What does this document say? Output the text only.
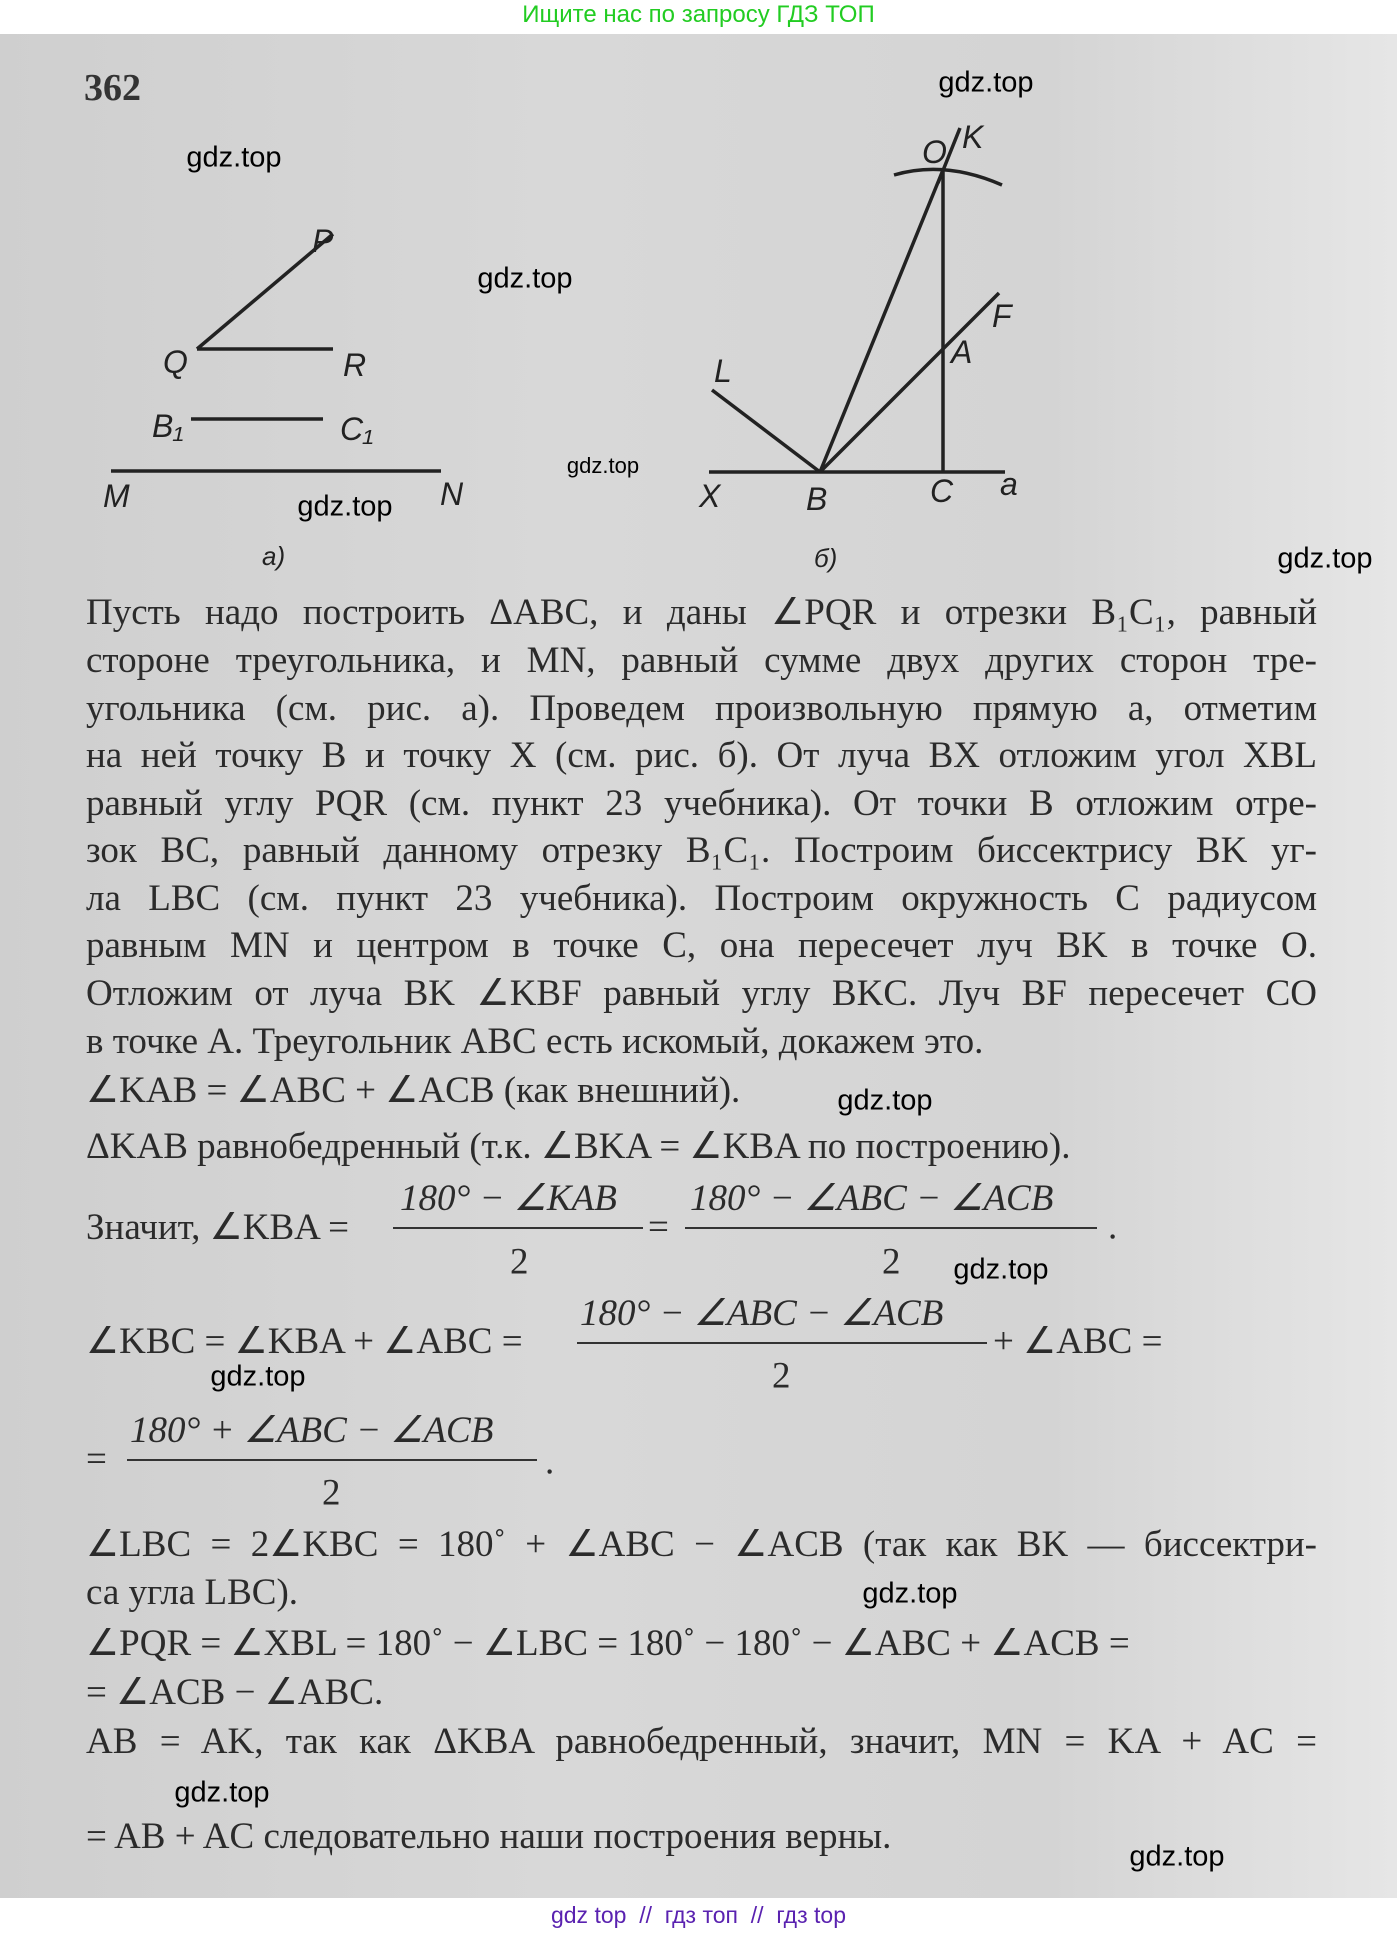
Ищите нас по запросу ГДЗ ТОП
362
P
Q	R
B₁	C₁
M	N
а)
O K
F
A
L
X	B	C a
б)
Пусть надо построить ΔABC, и даны ∠PQR и отрезки B₁C₁, равный
стороне треугольника, и MN, равный сумме двух других сторон тре-
угольника (см. рис. а). Проведем произвольную прямую a, отметим
на ней точку B и точку X (см. рис. б). От луча BX отложим угол XBL
равный углу PQR (см. пункт 23 учебника). От точки B отложим отре-
зок BC, равный данному отрезку B₁C₁. Построим биссектрису BK уг-
ла LBC (см. пункт 23 учебника). Построим окружность C радиусом
равным MN и центром в точке C, она пересечет луч BK в точке O.
Отложим от луча BK ∠KBF равный углу BKC. Луч BF пересечет CO
в точке A. Треугольник ABC есть искомый, докажем это.
∠KAB = ∠ABC + ∠ACB (как внешний).
ΔKAB равнобедренный (т.к. ∠BKA = ∠KBA по построению).
Значит, ∠KBA =
180° − ∠KAB
2
=
180° − ∠ABC − ∠ACB
2
.
∠KBC = ∠KBA + ∠ABC =
180° − ∠ABC − ∠ACB
2
+ ∠ABC =
=
180° + ∠ABC − ∠ACB
2
.
∠LBC = 2∠KBC = 180˚ + ∠ABC − ∠ACB (так как BK — биссектри-
са угла LBC).
∠PQR = ∠XBL = 180˚ − ∠LBC = 180˚ − 180˚ − ∠ABC + ∠ACB =
= ∠ACB − ∠ABC.
AB = AK, так как ΔKBA равнобедренный, значит, MN = KA + AC =
= AB + AC следовательно наши построения верны.
gdz.top
gdz.top
gdz.top
gdz.top
gdz.top
gdz.top
gdz.top
gdz.top
gdz.top
gdz.top
gdz.top
gdz.top
gdz top  //  гдз топ  //  гдз top
